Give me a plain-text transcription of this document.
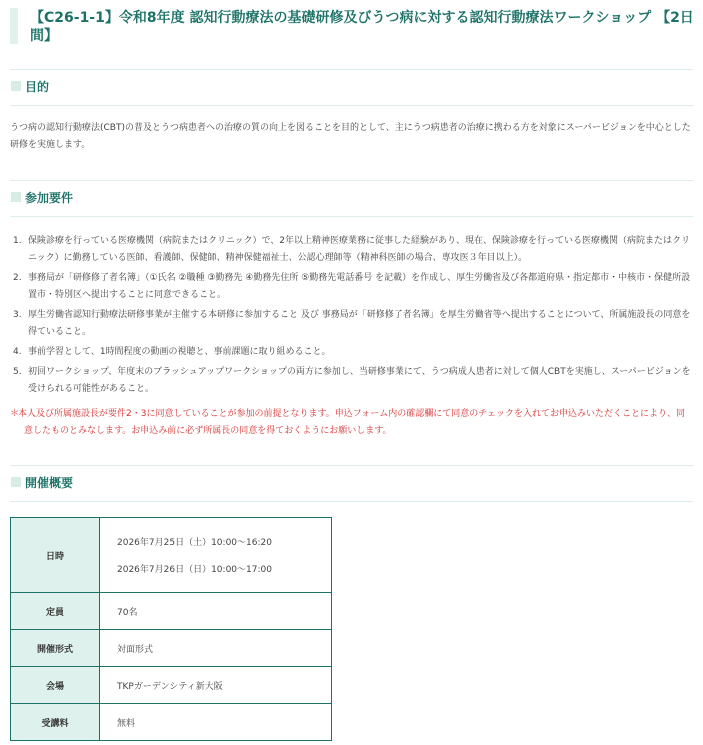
【C26-1-1】令和8年度 認知行動療法の基礎研修及びうつ病に対する認知行動療法ワークショップ 【2日間】
目的
うつ病の認知行動療法(CBT)の普及とうつ病患者への治療の質の向上を図ることを目的として、主にうつ病患者の治療に携わる方を対象にスーパービジョンを中心とした研修を実施します。
参加要件
1. 保険診療を行っている医療機関（病院またはクリニック）で、2年以上精神医療業務に従事した経験があり、現在、保険診療を行っている医療機関（病院またはクリニック）に勤務している医師、看護師、保健師、精神保健福祉士、公認心理師等（精神科医師の場合、専攻医３年目以上）。
2. 事務局が「研修修了者名簿」（①氏名 ②職種 ③勤務先 ④勤務先住所 ⑤勤務先電話番号 を記載）を作成し、厚生労働省及び各都道府県・指定都市・中核市・保健所設置市・特別区へ提出することに同意できること。
3. 厚生労働省認知行動療法研修事業が主催する本研修に参加すること 及び 事務局が「研修修了者名簿」を厚生労働省等へ提出することについて、所属施設長の同意を得ていること。
4. 事前学習として、1時間程度の動画の視聴と、事前課題に取り組めること。
5. 初回ワークショップ、年度末のブラッシュアップワークショップの両方に参加し、当研修事業にて、うつ病成人患者に対して個人CBTを実施し、スーパービジョンを受けられる可能性があること。
＊
本人及び所属施設長が要件2・3に同意していることが参加の前提となります。申込フォーム内の確認欄にて同意のチェックを入れてお申込みいただくことにより、同意したものとみなします。お申込み前に必ず所属長の同意を得ておくようにお願いします。
開催概要
日時	2026年7月25日（土）10:00～16:20
2026年7月26日（日）10:00～17:00

定員	70名
開催形式	対面形式
会場	TKPガーデンシティ新大阪
受講料	無料
